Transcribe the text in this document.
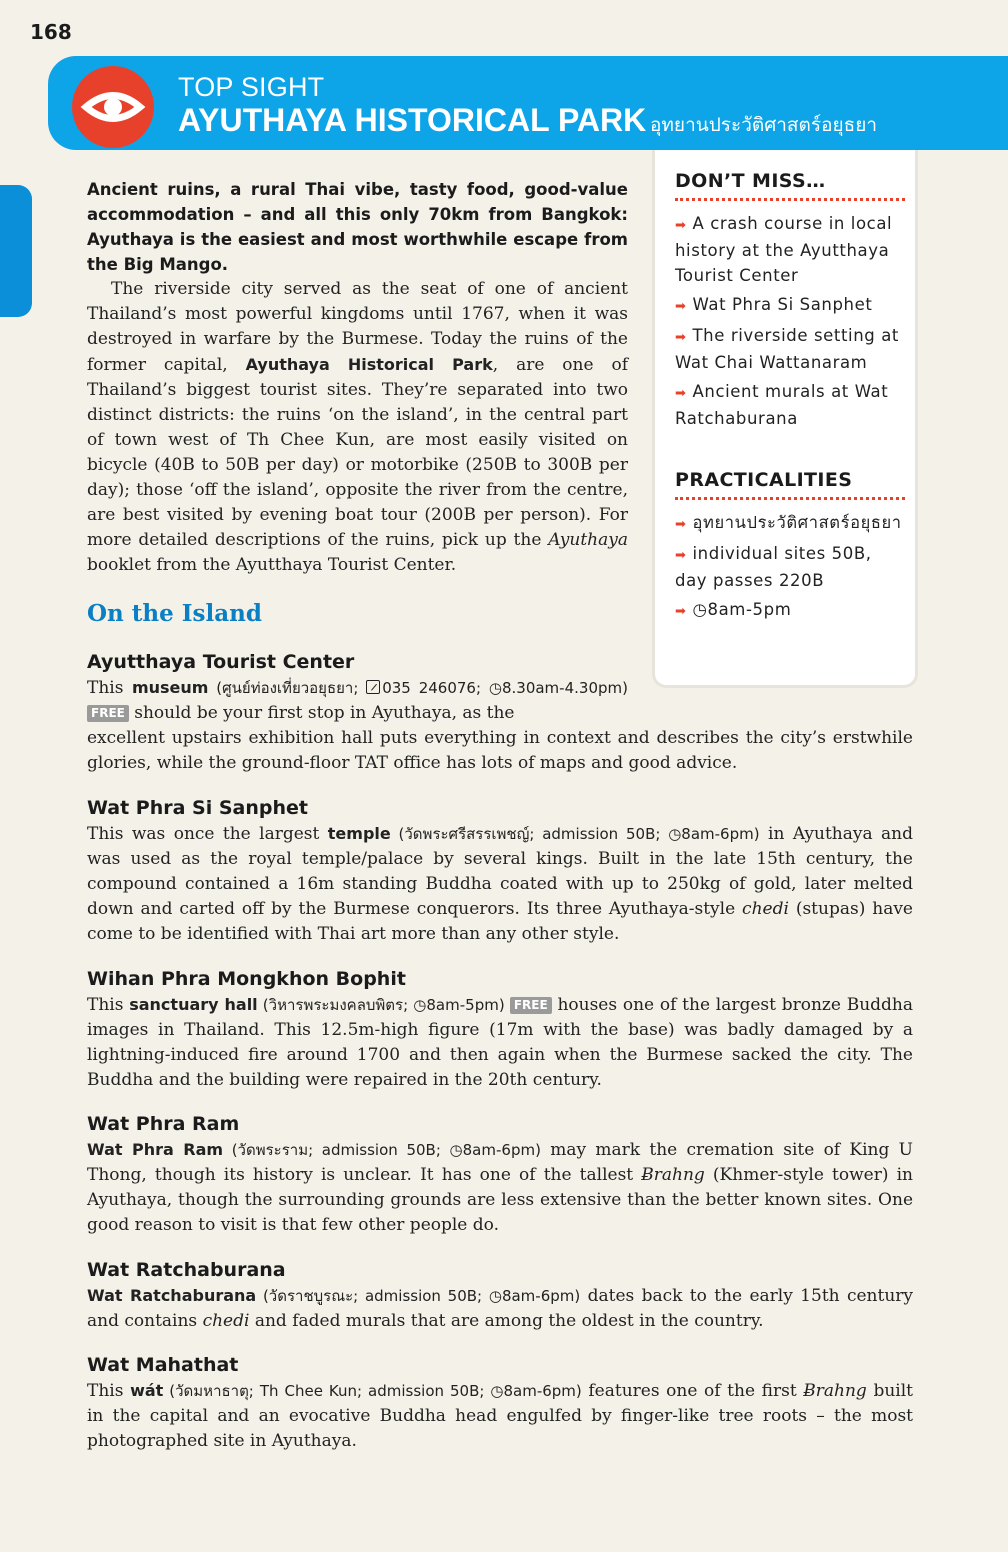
168
TOP SIGHT
AYUTHAYA HISTORICAL PARK อุทยานประวัติศาสตร์อยุธยา
DON’T MISS…
➡ A crash course in local history at the Ayutthaya Tourist Center
➡ Wat Phra Si Sanphet
➡ The riverside setting at Wat Chai Wattanaram
➡ Ancient murals at Wat Ratchaburana
PRACTICALITIES
➡ อุทยานประวัติศาสตร์อยุธยา
➡ individual sites 50B, day passes 220B
➡ ◷8am-5pm
Ancient ruins, a rural Thai vibe, tasty food, good-value accommodation – and all this only 70km from Bangkok: Ayuthaya is the easiest and most worthwhile escape from the Big Mango.
The riverside city served as the seat of one of ancient Thailand’s most powerful kingdoms until 1767, when it was destroyed in warfare by the Burmese. Today the ruins of the former capital, Ayuthaya Historical Park, are one of Thailand’s biggest tourist sites. They’re separated into two distinct districts: the ruins ‘on the island’, in the central part of town west of Th Chee Kun, are most easily visited on bicycle (40B to 50B per day) or motorbike (250B to 300B per day); those ‘off the island’, opposite the river from the centre, are best visited by evening boat tour (200B per person). For more detailed descriptions of the ruins, pick up the Ayuthaya booklet from the Ayutthaya Tourist Center.
On the Island
Ayutthaya Tourist Center

This museum (ศูนย์ท่องเที่ยวอยุธยา; 035 246076; ◷8.30am-4.30pm) FREE should be your first stop in Ayuthaya, as the
excellent upstairs exhibition hall puts everything in context and describes the city’s erstwhile glories, while the ground-floor TAT office has lots of maps and good advice.

Wat Phra Si Sanphet

This was once the largest temple (วัดพระศรีสรรเพชญ์; admission 50B; ◷8am-6pm) in Ayuthaya and was used as the royal temple/palace by several kings. Built in the late 15th century, the compound contained a 16m standing Buddha coated with up to 250kg of gold, later melted down and carted off by the Burmese conquerors. Its three Ayuthaya-style chedi (stupas) have come to be identified with Thai art more than any other style.

Wihan Phra Mongkhon Bophit

This sanctuary hall (วิหารพระมงคลบพิตร; ◷8am-5pm) FREE houses one of the largest bronze Buddha images in Thailand. This 12.5m-high figure (17m with the base) was badly damaged by a lightning-induced fire around 1700 and then again when the Burmese sacked the city. The Buddha and the building were repaired in the 20th century.

Wat Phra Ram

Wat Phra Ram (วัดพระราม; admission 50B; ◷8am-6pm) may mark the cremation site of King U Thong, though its history is unclear. It has one of the tallest Ƀrahng (Khmer-style tower) in Ayuthaya, though the surrounding grounds are less extensive than the better known sites. One good reason to visit is that few other people do.

Wat Ratchaburana

Wat Ratchaburana (วัดราชบูรณะ; admission 50B; ◷8am-6pm) dates back to the early 15th century and contains chedi and faded murals that are among the oldest in the country.

Wat Mahathat

This wát (วัดมหาธาตุ; Th Chee Kun; admission 50B; ◷8am-6pm) features one of the first Ƀrahng built in the capital and an evocative Buddha head engulfed by finger-like tree roots – the most photographed site in Ayuthaya.
